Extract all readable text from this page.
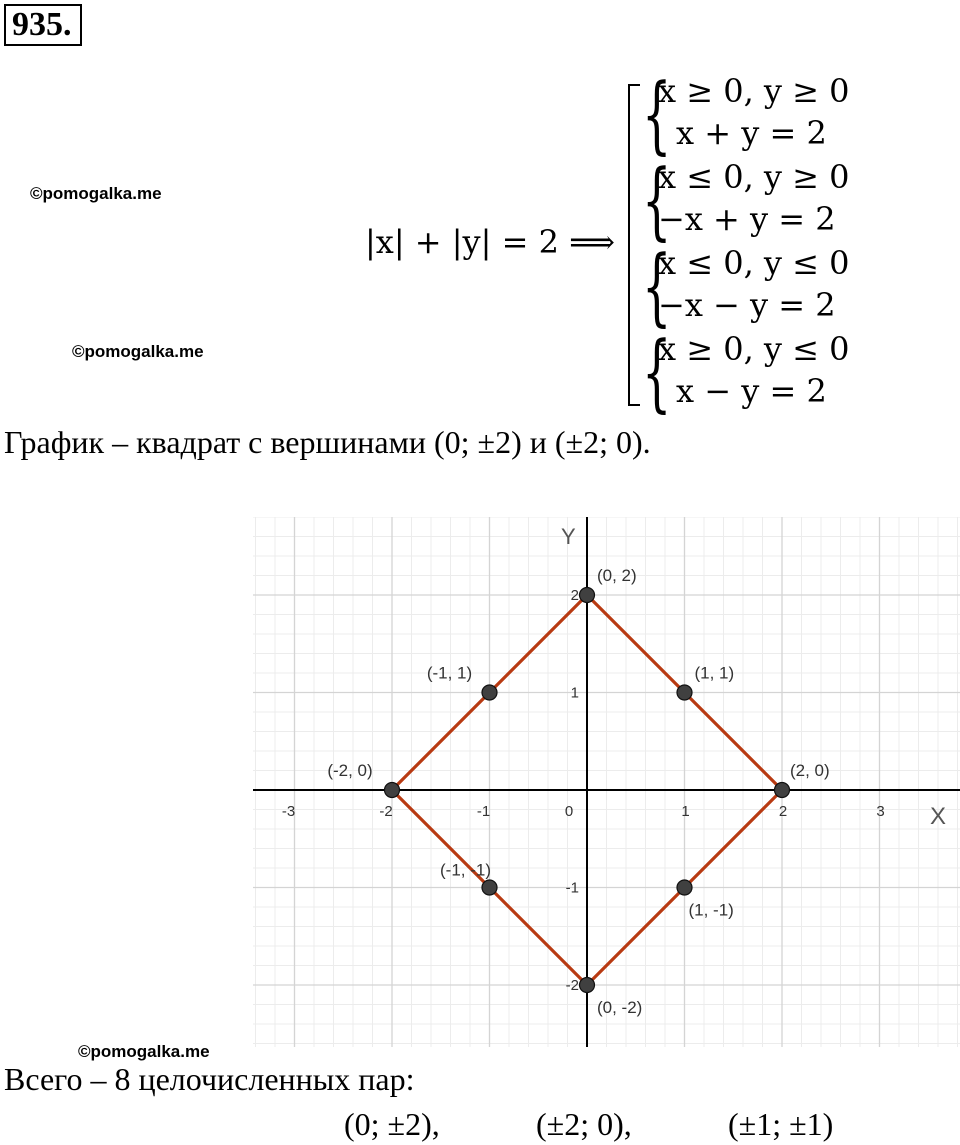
935.
©pomogalka.me
©pomogalka.me
©pomogalka.me
|x| + |y| = 2 ⟹
{
x ≥ 0, y ≥ 0
x + y = 2
{
x ≤ 0, y ≥ 0
−x + y = 2
{
x ≤ 0, y ≤ 0
−x − y = 2
{
x ≥ 0, y ≤ 0
x − y = 2
График – квадрат с вершинами (0; ±2) и (±2; 0).
-3	-2	-1	0	1	2	3
2
1
-1
-2
(0, 2)
(1, 1)
(2, 0)
(1, -1)
(0, -2)
(-1, -1)
(-2, 0)
(-1, 1)
X
Y
Всего – 8 целочисленных пар:
(0; ±2),	(±2; 0),	(±1; ±1)
